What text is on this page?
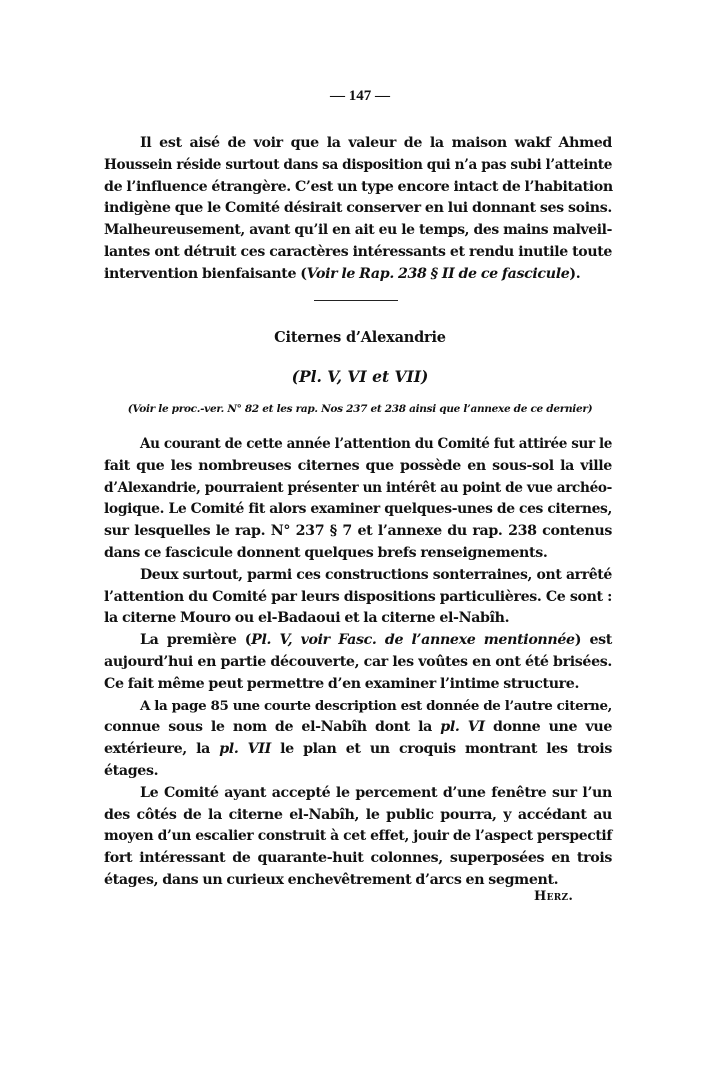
— 147 —
Il est aisé de voir que la valeur de la maison wakf Ahmed
Houssein réside surtout dans sa disposition qui n’a pas subi l’atteinte
de l’influence étrangère. C’est un type encore intact de l’habitation
indigène que le Comité désirait conserver en lui donnant ses soins.
Malheureusement, avant qu’il en ait eu le temps, des mains malveil-
lantes ont détruit ces caractères intéressants et rendu inutile toute
intervention bienfaisante (Voir le Rap. 238 § II de ce fascicule).
Citernes d’Alexandrie
(Pl. V, VI et VII)
(Voir le proc.-ver. N° 82 et les rap. Nos 237 et 238 ainsi que l’annexe de ce dernier)
Au courant de cette année l’attention du Comité fut attirée sur le
fait que les nombreuses citernes que possède en sous-sol la ville
d’Alexandrie, pourraient présenter un intérêt au point de vue archéo-
logique. Le Comité fit alors examiner quelques-unes de ces citernes,
sur lesquelles le rap. N° 237 § 7 et l’annexe du rap. 238 contenus
dans ce fascicule donnent quelques brefs renseignements.
Deux surtout, parmi ces constructions sonterraines, ont arrêté
l’attention du Comité par leurs dispositions particulières. Ce sont :
la citerne Mouro ou el-Badaoui et la citerne el-Nabîh.
La première (Pl. V, voir Fasc. de l’annexe mentionnée) est
aujourd’hui en partie découverte, car les voûtes en ont été brisées.
Ce fait même peut permettre d’en examiner l’intime structure.
A la page 85 une courte description est donnée de l’autre citerne,
connue sous le nom de el-Nabîh dont la pl. VI donne une vue
extérieure, la pl. VII le plan et un croquis montrant les trois
étages.
Le Comité ayant accepté le percement d’une fenêtre sur l’un
des côtés de la citerne el-Nabîh, le public pourra, y accédant au
moyen d’un escalier construit à cet effet, jouir de l’aspect perspectif
fort intéressant de quarante-huit colonnes, superposées en trois
étages, dans un curieux enchevêtrement d’arcs en segment.
Herz.
